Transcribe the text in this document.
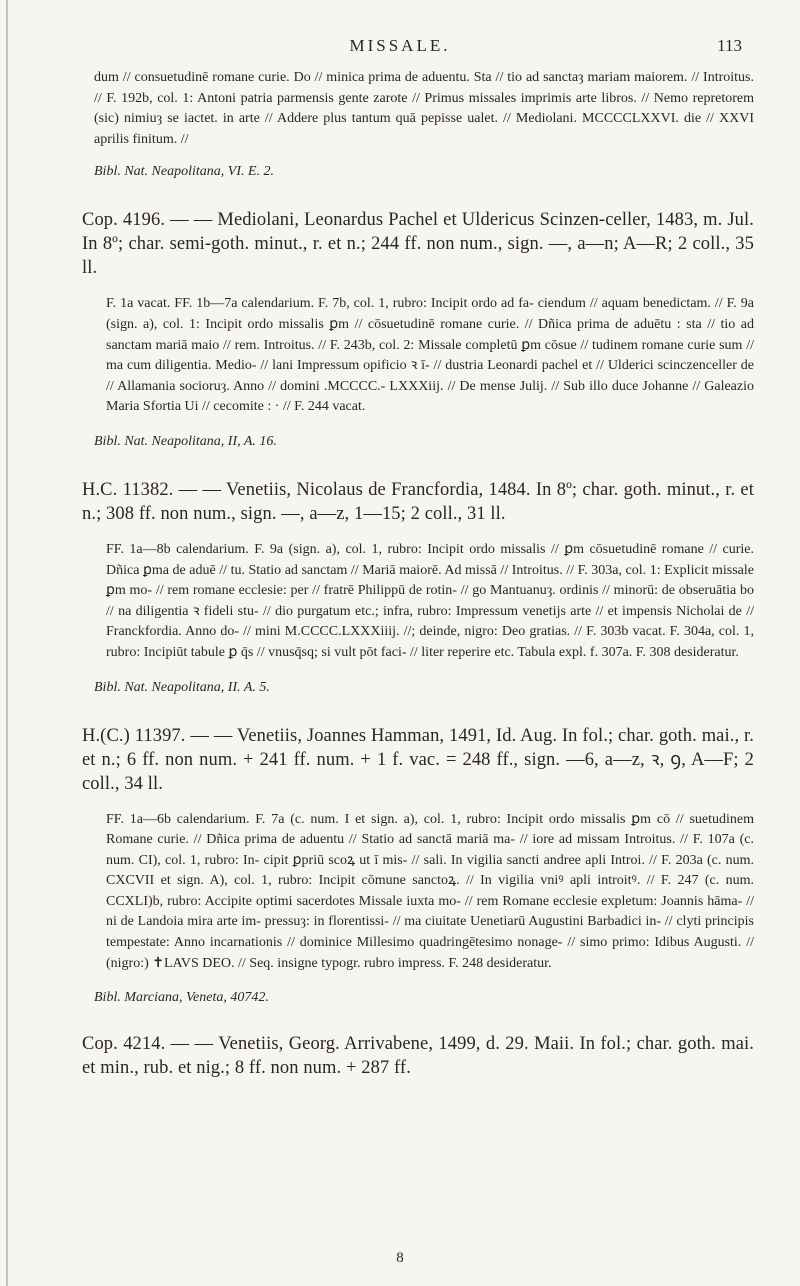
MISSALE.	113

dum // consuetudinē romane curie. Do // minica prima de aduentu. Sta // tio ad sanctaȝ mariam maiorem. // Introitus. // F. 192b, col. 1: Antoni patria parmensis gente zarote // Primus missales imprimis arte libros. // Nemo repretorem (sic) nimiuȝ se iactet. in arte // Addere plus tantum quā pepisse ualet. // Mediolani. MCCCCLXXVI. die // XXVI aprilis finitum. //

Bibl. Nat. Neapolitana, VI. E. 2.

Cop. 4196. — — Mediolani, Leonardus Pachel et Uldericus Scinzen-celler, 1483, m. Jul. In 8º; char. semi-goth. minut., r. et n.; 244 ff. non num., sign. —, a—n; A—R; 2 coll., 35 ll.

F. 1a vacat. FF. 1b—7a calendarium. F. 7b, col. 1, rubro: Incipit ordo ad fa- ciendum // aquam benedictam. // F. 9a (sign. a), col. 1: Incipit ordo missalis ꝑm // cōsuetudinē romane curie. // Dñica prima de aduētu : sta // tio ad sanctam mariā maio // rem. Introitus. // F. 243b, col. 2: Missale completū ꝑm cōsue // tudinem romane curie sum // ma cum diligentia. Medio- // lani Impressum opificio ꝛ ī- // dustria Leonardi pachel et // Ulderici scinczenceller de // Allamania socioruȝ. Anno // domini .MCCCC.- LXXXiij. // De mense Julij. // Sub illo duce Johanne // Galeazio Maria Sfortia Ui // cecomite : · // F. 244 vacat.

Bibl. Nat. Neapolitana, II, A. 16.

H.C. 11382. — — Venetiis, Nicolaus de Francfordia, 1484. In 8º; char. goth. minut., r. et n.; 308 ff. non num., sign. —, a—z, 1—15; 2 coll., 31 ll.

FF. 1a—8b calendarium. F. 9a (sign. a), col. 1, rubro: Incipit ordo missalis // ꝑm cōsuetudinē romane // curie. Dñica ꝑma de aduē // tu. Statio ad sanctam // Mariā maiorē. Ad missā // Introitus. // F. 303a, col. 1: Explicit missale ꝑm mo- // rem romane ecclesie: per // fratrē Philippū de rotin- // go Mantuanuȝ. ordinis // minorū: de obseruātia bo // na diligentia ꝛ fideli stu- // dio purgatum etc.; infra, rubro: Impressum venetijs arte // et impensis Nicholai de // Franckfordia. Anno do- // mini M.CCCC.LXXXiiij. //; deinde, nigro: Deo gratias. // F. 303b vacat. F. 304a, col. 1, rubro: Incipiūt tabule ꝑ q̄s // vnusq̄sq; si vult pōt faci- // liter reperire etc. Tabula expl. f. 307a. F. 308 desideratur.

Bibl. Nat. Neapolitana, II. A. 5.

H.(C.) 11397. — — Venetiis, Joannes Hamman, 1491, Id. Aug. In fol.; char. goth. mai., r. et n.; 6 ff. non num. + 241 ff. num. + 1 f. vac. = 248 ff., sign. —6, a—z, ꝛ, ꝯ, A—F; 2 coll., 34 ll.

FF. 1a—6b calendarium. F. 7a (c. num. I et sign. a), col. 1, rubro: Incipit ordo missalis ꝑm cō // suetudinem Romane curie. // Dñica prima de aduentu // Statio ad sanctā mariā ma- // iore ad missam Introitus. // F. 107a (c. num. CI), col. 1, rubro: In- cipit ꝑpriū scoꝝ ut ī mis- // sali. In vigilia sancti andree apli Introi. // F. 203a (c. num. CXCVII et sign. A), col. 1, rubro: Incipit cōmune sanctoꝝ. // In vigilia vniꝰ apli introitꝰ. // F. 247 (c. num. CCXLI)b, rubro: Accipite optimi sacerdotes Missale iuxta mo- // rem Romane ecclesie expletum: Joannis hāma- // ni de Landoia mira arte im- pressuȝ: in florentissi- // ma ciuitate Uenetiarū Augustini Barbadici in- // clyti principis tempestate: Anno incarnationis // dominice Millesimo quadringētesimo nonage- // simo primo: Idibus Augusti. // (nigro:) ✝LAVS DEO. // Seq. insigne typogr. rubro impress. F. 248 desideratur.

Bibl. Marciana, Veneta, 40742.

Cop. 4214. — — Venetiis, Georg. Arrivabene, 1499, d. 29. Maii. In fol.; char. goth. mai. et min., rub. et nig.; 8 ff. non num. + 287 ff.

8
